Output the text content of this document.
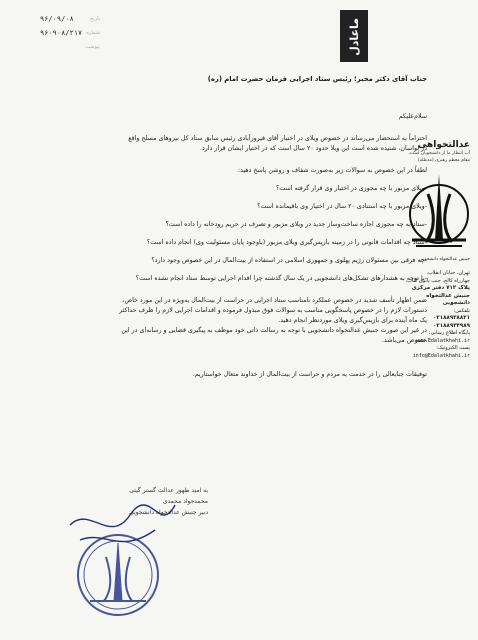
تاریخ
۹۶/۰۹/۰۸
شماره
۹۶۰۹۰۸/۲۱۷
پیوست	ماعادل
جناب آقای دکتر مخبر؛ رئیس ستاد اجرایی فرمان حضرت امام (ره)
سلام‌علیکم
احتراماً به استحضار می‌رساند در خصوص ویلای در اختیار آقای فیروزآبادی رئیس سابق ستاد کل نیروهای مسلح واقع
در لواسان، شنیده شده است این ویلا حدود ۲۰ سال است که در اختیار ایشان قرار دارد.
لطفاً در این خصوص به سوالات زیر به‌صورت شفاف و روشن پاسخ دهید:
-ویلای مزبور با چه مجوزی در اختیار وی قرار گرفته است؟
-ویلای مزبور با چه استنادی ۲۰ سال در اختیار وی باقیمانده است؟
-ستاد به چه مجوزی اجازه ساخت‌وساز جدید در ویلای مزبور و تصرف در حریم رودخانه را داده است؟
-ستاد چه اقدامات قانونی را در زمینه بازپس‌گیری ویلای مزبور (باوجود پایان مسئولیت وی) انجام داده است؟
-چه فرقی بین مسئولان رژیم پهلوی و جمهوری اسلامی در استفاده از بیت‌المال در این خصوص وجود دارد؟
-با توجه به هشدارهای تشکل‌های دانشجویی در یک سال گذشته چرا اقدام اجرایی توسط ستاد انجام نشده است؟
ضمن اظهار تأسف شدید در خصوص عملکرد نامناسب ستاد اجرایی در حراست از بیت‌المال به‌ویژه در این مورد خاص،
دستورات لازم را در خصوص پاسخگویی مناسب به سوالات فوق مبذول فرموده و اقدامات اجرایی لازم را ظرف حداکثر
یک ماه آینده برای بازپس‌گیری ویلای موردنظر انجام دهید.
در غیر این صورت جنبش عدالتخواه دانشجویی با توجه به رسالت ذاتی خود موظف به پیگیری قضایی و رسانه‌ای در این
خصوص می‌باشد.
توفیقات جنابعالی را در خدمت به مردم و حراست از بیت‌المال از خداوند متعال خواستاریم.
عدالتخواهی
آب انتظار ما از دانشجویان است،
مقام معظم رهبری (مدظله)
جنبش عدالتخواه دانشجویی
تهران، خیابان انقلاب،
چهارراه کالج، جنب پاتوق کتاب،
پلاک ۷۱۳ دفتر مرکزی
جنبش عدالتخواه دانشجویی
تلفکس:
۰۲۱۸۸۹۳۸۸۲۱
۰۲۱۸۸۹۳۴۹۸۹
پایگاه اطلاع رسانی:
www.Edalatkhahi.ir
پست الکترونیک:
info@Edalatkhahi.ir
به امید ظهور عدالت گستر گیتی
محمدجواد محمدی
دبیر جنبش عدالتخواه دانشجویی
